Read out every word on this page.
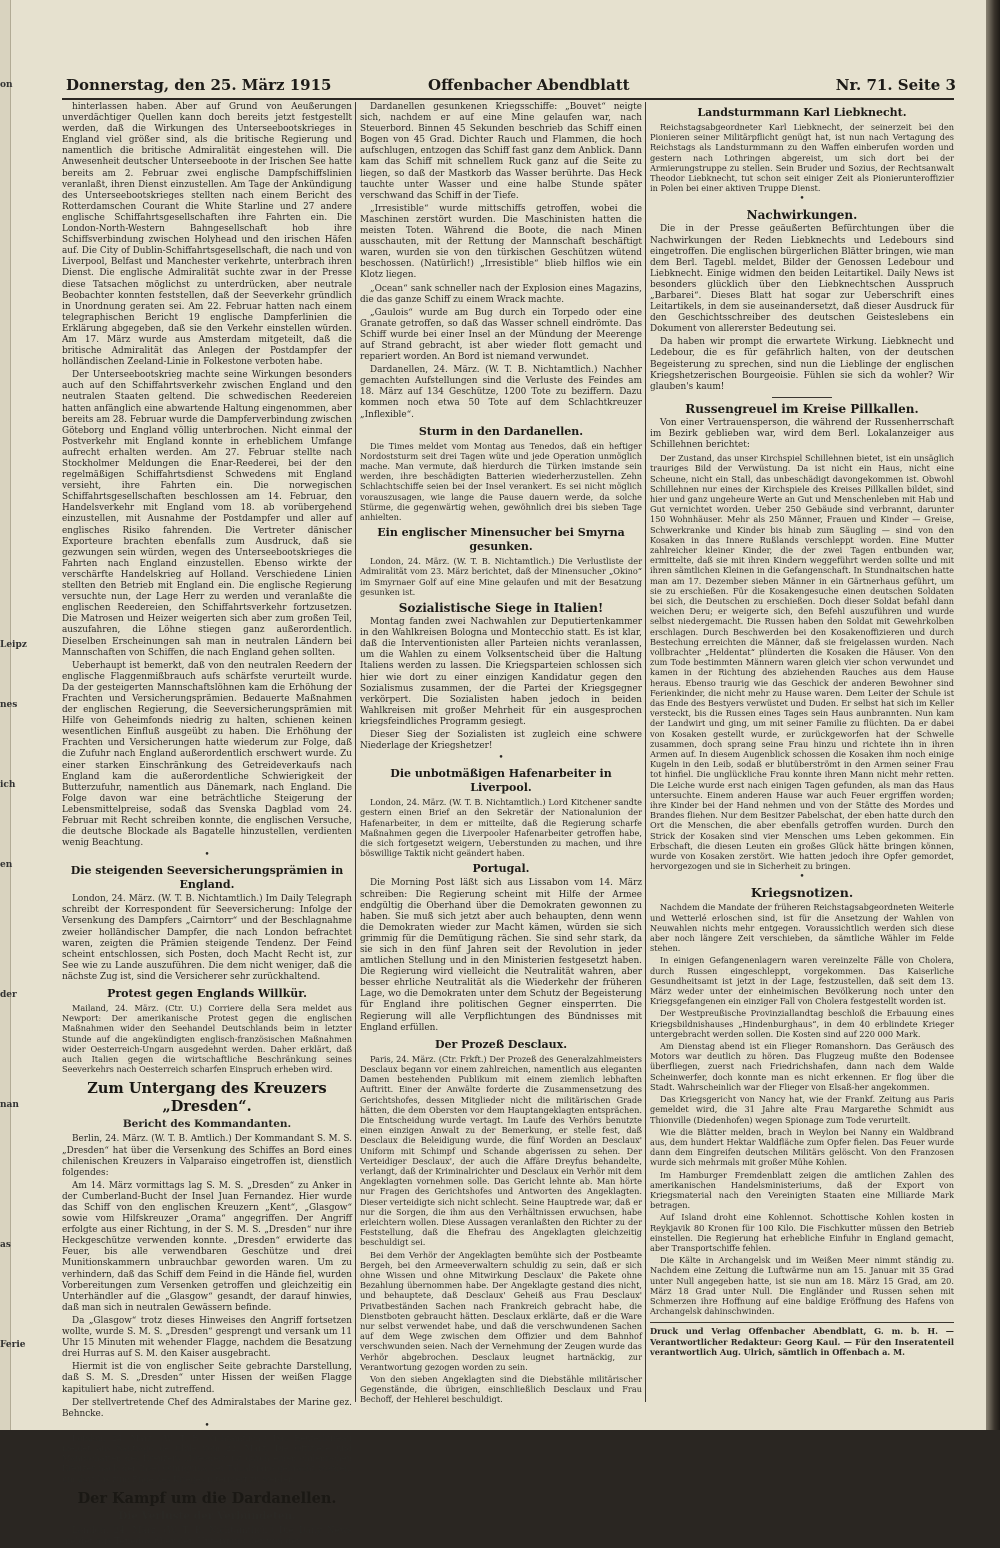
on
Leipz
nes
ich
en
der
nan
as
Ferie
Donnerstag, den 25. März 1915	Offenbacher Abendblatt	Nr. 71. Seite 3

hinterlassen haben. Aber auf Grund von Aeußerungen unverdächtiger Quellen kann doch bereits jetzt festgestellt werden, daß die Wirkungen des Unterseebootskrieges in England viel größer sind, als die britische Regierung und namentlich die britische Admiralität eingestehen will. Die Anwesenheit deutscher Unterseeboote in der Irischen See hatte bereits am 2. Februar zwei englische Dampfschiffslinien veranlaßt, ihren Dienst einzustellen. Am Tage der Ankündigung des Unterseebootskrieges stellten nach einem Bericht des Rotterdamschen Courant die White Starline und 27 andere englische Schiffahrtsgesellschaften ihre Fahrten ein. Die London-North-Western Bahngesellschaft hob ihre Schiffsverbindung zwischen Holyhead und den irischen Häfen auf. Die City of Dublin-Schiffahrtsgesellschaft, die nach und von Liverpool, Belfast und Manchester verkehrte, unterbrach ihren Dienst. Die englische Admiralität suchte zwar in der Presse diese Tatsachen möglichst zu unterdrücken, aber neutrale Beobachter konnten feststellen, daß der Seeverkehr gründlich in Unordnung geraten sei. Am 22. Februar hatten nach einem telegraphischen Bericht 19 englische Dampferlinien die Erklärung abgegeben, daß sie den Verkehr einstellen würden. Am 17. März wurde aus Amsterdam mitgeteilt, daß die britische Admiralität das Anlegen der Postdampfer der holländischen Zeeland-Linie in Folkestone verboten habe.

Der Unterseebootskrieg machte seine Wirkungen besonders auch auf den Schiffahrtsverkehr zwischen England und den neutralen Staaten geltend. Die schwedischen Reedereien hatten anfänglich eine abwartende Haltung eingenommen, aber bereits am 28. Februar wurde die Dampferverbindung zwischen Göteborg und England völlig unterbrochen. Nicht einmal der Postverkehr mit England konnte in erheblichem Umfange aufrecht erhalten werden. Am 27. Februar stellte nach Stockholmer Meldungen die Enar-Reederei, bei der den regelmäßigen Schiffahrtsdienst Schwedens mit England versieht, ihre Fahrten ein. Die norwegischen Schiffahrtsgesellschaften beschlossen am 14. Februar, den Handelsverkehr mit England vom 18. ab vorübergehend einzustellen, mit Ausnahme der Postdampfer und aller auf englisches Risiko fahrenden. Die Vertreter dänischer Exporteure brachten ebenfalls zum Ausdruck, daß sie gezwungen sein würden, wegen des Unterseebootskrieges die Fahrten nach England einzustellen. Ebenso wirkte der verschärfte Handelskrieg auf Holland. Verschiedene Linien stellten den Betrieb mit England ein. Die englische Regierung versuchte nun, der Lage Herr zu werden und veranlaßte die englischen Reedereien, den Schiffahrtsverkehr fortzusetzen. Die Matrosen und Heizer weigerten sich aber zum großen Teil, auszufahren, die Löhne stiegen ganz außerordentlich. Dieselben Erscheinungen sah man in neutralen Ländern bei Mannschaften von Schiffen, die nach England gehen sollten.

Ueberhaupt ist bemerkt, daß von den neutralen Reedern der englische Flaggenmißbrauch aufs schärfste verurteilt wurde. Da der gesteigerten Mannschaftslöhnen kam die Erhöhung der Frachten und Versicherungsprämien. Bedauerte Maßnahmen der englischen Regierung, die Seeversicherungsprämien mit Hilfe von Geheimfonds niedrig zu halten, schienen keinen wesentlichen Einfluß ausgeübt zu haben. Die Erhöhung der Frachten und Versicherungen hatte wiederum zur Folge, daß die Zufuhr nach England außerordentlich erschwert wurde. Zu einer starken Einschränkung des Getreideverkaufs nach England kam die außerordentliche Schwierigkeit der Butterzufuhr, namentlich aus Dänemark, nach England. Die Folge davon war eine beträchtliche Steigerung der Lebensmittelpreise, sodaß das Svenska Dagblad vom 24. Februar mit Recht schreiben konnte, die englischen Versuche, die deutsche Blockade als Bagatelle hinzustellen, verdienten wenig Beachtung.

•
Die steigenden Seeversicherungsprämien in England.

London, 24. März. (W. T. B. Nichtamtlich.) Im Daily Telegraph schreibt der Korrespondent für Seeversicherung: Infolge der Versenkung des Dampfers „Cairntorr“ und der Beschlagnahme zweier holländischer Dampfer, die nach London befrachtet waren, zeigten die Prämien steigende Tendenz. Der Feind scheint entschlossen, sich Posten, doch Macht Recht ist, zur See wie zu Lande auszuführen. Die dem nicht weniger, daß die nächste Zug ist, sind die Versicherer sehr zurückhaltend.

Protest gegen Englands Willkür.

Mailand, 24. März. (Ctr. U.) Corriere della Sera meldet aus Newport: Der amerikanische Protest gegen die englischen Maßnahmen wider den Seehandel Deutschlands beim in letzter Stunde auf die angekündigten englisch-französischen Maßnahmen wider Oesterreich-Ungarn ausgedehnt werden. Daher erklärt, daß auch Italien gegen die wirtschaftliche Beschränkung seines Seeverkehrs nach Oesterreich scharfen Einspruch erheben wird.

Zum Untergang des Kreuzers „Dresden“.
Bericht des Kommandanten.

Berlin, 24. März. (W. T. B. Amtlich.) Der Kommandant S. M. S. „Dresden“ hat über die Versenkung des Schiffes an Bord eines chilenischen Kreuzers in Valparaiso eingetroffen ist, dienstlich folgendes:

Am 14. März vormittags lag S. M. S. „Dresden“ zu Anker in der Cumberland-Bucht der Insel Juan Fernandez. Hier wurde das Schiff von den englischen Kreuzern „Kent“, „Glasgow“ sowie vom Hilfskreuzer „Orama“ angegriffen. Der Angriff erfolgte aus einer Richtung, in der S. M. S. „Dresden“ nur ihre Heckgeschütze verwenden konnte. „Dresden“ erwiderte das Feuer, bis alle verwendbaren Geschütze und drei Munitionskammern unbrauchbar geworden waren. Um zu verhindern, daß das Schiff dem Feind in die Hände fiel, wurden Vorbereitungen zum Versenken getroffen und gleichzeitig ein Unterhändler auf die „Glasgow“ gesandt, der darauf hinwies, daß man sich in neutralen Gewässern befinde.

Da „Glasgow“ trotz dieses Hinweises den Angriff fortsetzen wollte, wurde S. M. S. „Dresden“ gesprengt und versank um 11 Uhr 15 Minuten mit wehender Flagge, nachdem die Besatzung drei Hurras auf S. M. den Kaiser ausgebracht.

Hiermit ist die von englischer Seite gebrachte Darstellung, daß S. M. S. „Dresden“ unter Hissen der weißen Flagge kapituliert habe, nicht zutreffend.

Der stellvertretende Chef des Admiralstabes der Marine gez. Behncke.

•

London, 24. März. (W. T. B. Nichtamtlich.) Das Reuterbureau meldet aus Santiago de Chile vom 22. März: Die Offiziere und Mannschaften des Kreuzers „Dresden“ ist durch einen chilenischen Kreuzer nach der Insel Quiriquina bei Talcahuano gebracht worden, um dort bis zum Ende des Krieges interniert zu werden.

Der Kampf um die Dardanellen.
Die Verluste der Verbündeten.

London, 24. März. (W. T. B. Nichtamtlich.) Die Daily News meldet aus Tenedos über den Untergang der von der

Dardanellen gesunkenen Kriegsschiffe: „Bouvet“ neigte sich, nachdem er auf eine Mine gelaufen war, nach Steuerbord. Binnen 45 Sekunden beschrieb das Schiff einen Bogen von 45 Grad. Dichter Rauch und Flammen, die hoch aufschlugen, entzogen das Schiff fast ganz dem Anblick. Dann kam das Schiff mit schnellem Ruck ganz auf die Seite zu liegen, so daß der Mastkorb das Wasser berührte. Das Heck tauchte unter Wasser und eine halbe Stunde später verschwand das Schiff in der Tiefe.

„Irresistible“ wurde mittschiffs getroffen, wobei die Maschinen zerstört wurden. Die Maschinisten hatten die meisten Toten. Während die Boote, die nach Minen ausschauten, mit der Rettung der Mannschaft beschäftigt waren, wurden sie von den türkischen Geschützen wütend beschossen. (Natürlich!) „Irresistible“ blieb hilflos wie ein Klotz liegen.

„Ocean“ sank schneller nach der Explosion eines Magazins, die das ganze Schiff zu einem Wrack machte.

„Gaulois“ wurde am Bug durch ein Torpedo oder eine Granate getroffen, so daß das Wasser schnell eindrömte. Das Schiff wurde bei einer Insel an der Mündung der Meerenge auf Strand gebracht, ist aber wieder flott gemacht und repariert worden. An Bord ist niemand verwundet.

Dardanellen, 24. März. (W. T. B. Nichtamtlich.) Nachher gemachten Aufstellungen sind die Verluste des Feindes am 18. März auf 134 Geschütze, 1200 Tote zu beziffern. Dazu kommen noch etwa 50 Tote auf dem Schlachtkreuzer „Inflexible“.

Sturm in den Dardanellen.

Die Times meldet vom Montag aus Tenedos, daß ein heftiger Nordoststurm seit drei Tagen wüte und jede Operation unmöglich mache. Man vermute, daß hierdurch die Türken imstande sein werden, ihre beschädigten Batterien wiederherzustellen. Zehn Schlachtschiffe seien bei der Insel verankert. Es sei nicht möglich vorauszusagen, wie lange die Pause dauern werde, da solche Stürme, die gegenwärtig wehen, gewöhnlich drei bis sieben Tage anhielten.

Ein englischer Minensucher bei Smyrna gesunken.

London, 24. März. (W. T. B. Nichtamtlich.) Die Verlustliste der Admiralität vom 23. März berichtet, daß der Minensucher „Okino“ im Smyrnaer Golf auf eine Mine gelaufen und mit der Besatzung gesunken ist.

Sozialistische Siege in Italien!

Montag fanden zwei Nachwahlen zur Deputiertenkammer in den Wahlkreisen Bologna und Montecchio statt. Es ist klar, daß die Interventionisten aller Parteien nichts veranlassen, um die Wahlen zu einem Volksentscheid über die Haltung Italiens werden zu lassen. Die Kriegsparteien schlossen sich hier wie dort zu einer einzigen Kandidatur gegen den Sozialismus zusammen, der die Partei der Kriegsgegner verkörpert. Die Sozialisten haben jedoch in beiden Wahlkreisen mit großer Mehrheit für ein ausgesprochen kriegsfeindliches Programm gesiegt.

Dieser Sieg der Sozialisten ist zugleich eine schwere Niederlage der Kriegshetzer!

•
Die unbotmäßigen Hafenarbeiter in Liverpool.

London, 24. März. (W. T. B. Nichtamtlich.) Lord Kitchener sandte gestern einen Brief an den Sekretär der Nationalunion der Hafenarbeiter, in dem er mitteilte, daß die Regierung scharfe Maßnahmen gegen die Liverpooler Hafenarbeiter getroffen habe, die sich fortgesetzt weigern, Ueberstunden zu machen, und ihre böswillige Taktik nicht geändert haben.

Portugal.

Die Morning Post läßt sich aus Lissabon vom 14. März schreiben: Die Regierung scheint mit Hilfe der Armee endgültig die Oberhand über die Demokraten gewonnen zu haben. Sie muß sich jetzt aber auch behaupten, denn wenn die Demokraten wieder zur Macht kämen, würden sie sich grimmig für die Demütigung rächen. Sie sind sehr stark, da sie sich in den fünf Jahren seit der Revolution in jeder amtlichen Stellung und in den Ministerien festgesetzt haben. Die Regierung wird vielleicht die Neutralität wahren, aber besser ehrliche Neutralität als die Wiederkehr der früheren Lage, wo die Demokraten unter dem Schutz der Begeisterung für England ihre politischen Gegner einsperrten. Die Regierung will alle Verpflichtungen des Bündnisses mit England erfüllen.

Der Prozeß Desclaux.

Paris, 24. März. (Ctr. Frkft.) Der Prozeß des Generalzahlmeisters Desclaux begann vor einem zahlreichen, namentlich aus eleganten Damen bestehenden Publikum mit einem ziemlich lebhaften Auftritt. Einer der Anwälte forderte die Zusammensetzung des Gerichtshofes, dessen Mitglieder nicht die militärischen Grade hätten, die dem Obersten vor dem Hauptangeklagten entsprächen. Die Entscheidung wurde vertagt. Im Laufe des Verhörs benutzte einen einzigen Anwalt zu der Bemerkung, er stelle fest, daß Desclaux die Beleidigung wurde, die fünf Worden an Desclaux' Uniform mit Schimpf und Schande abgerissen zu sehen. Der Verteidiger Desclaux', der auch die Affäre Dreyfus behandelte, verlangt, daß der Kriminalrichter und Desclaux ein Verhör mit dem Angeklagten vornehmen solle. Das Gericht lehnte ab. Man hörte nur Fragen des Gerichtshofes und Antworten des Angeklagten. Dieser verteidigte sich nicht schlecht. Seine Hauptrede war, daß er nur die Sorgen, die ihm aus den Verhältnissen erwuchsen, habe erleichtern wollen. Diese Aussagen veranlaßten den Richter zu der Feststellung, daß die Ehefrau des Angeklagten gleichzeitig beschuldigt sei.

Bei dem Verhör der Angeklagten bemühte sich der Postbeamte Bergeh, bei den Armeeverwaltern schuldig zu sein, daß er sich ohne Wissen und ohne Mitwirkung Desclaux' die Pakete ohne Bezahlung übernommen habe. Der Angeklagte gestand dies nicht, und behauptete, daß Desclaux' Geheiß aus Frau Desclaux' Privatbeständen Sachen nach Frankreich gebracht habe, die Dienstboten gebraucht hätten. Desclaux erklärte, daß er die Ware nur selbst verwendet habe, und daß die verschwundenen Sachen auf dem Wege zwischen dem Offizier und dem Bahnhof verschwunden seien. Nach der Vernehmung der Zeugen wurde das Verhör abgebrochen. Desclaux leugnet hartnäckig, zur Verantwortung gezogen worden zu sein.

Von den sieben Angeklagten sind die Diebstähle militärischer Gegenstände, die übrigen, einschließlich Desclaux und Frau Bechoff, der Hehlerei beschuldigt.

Landsturmmann Karl Liebknecht.

Reichstagsabgeordneter Karl Liebknecht, der seinerzeit bei den Pionieren seiner Militärpflicht genügt hat, ist nun nach Vertagung des Reichstags als Landsturmmann zu den Waffen einberufen worden und gestern nach Lothringen abgereist, um sich dort bei der Armierungstruppe zu stellen. Sein Bruder und Sozius, der Rechtsanwalt Theodor Liebknecht, tut schon seit einiger Zeit als Pionierunteroffizier in Polen bei einer aktiven Truppe Dienst.

•
Nachwirkungen.

Die in der Presse geäußerten Befürchtungen über die Nachwirkungen der Reden Liebknechts und Ledebours sind eingetroffen. Die englischen bürgerlichen Blätter bringen, wie man dem Berl. Tagebl. meldet, Bilder der Genossen Ledebour und Liebknecht. Einige widmen den beiden Leitartikel. Daily News ist besonders glücklich über den Liebknechtschen Ausspruch „Barbarei“. Dieses Blatt hat sogar zur Ueberschrift eines Leitartikels, in dem sie auseinandersetzt, daß dieser Ausdruck für den Geschichtsschreiber des deutschen Geisteslebens ein Dokument von allererster Bedeutung sei.

Da haben wir prompt die erwartete Wirkung. Liebknecht und Ledebour, die es für gefährlich halten, von der deutschen Begeisterung zu sprechen, sind nun die Lieblinge der englischen Kriegshetzerischen Bourgeoisie. Fühlen sie sich da wohler? Wir glauben's kaum!

Russengreuel im Kreise Pillkallen.

Von einer Vertrauensperson, die während der Russenherrschaft im Bezirk geblieben war, wird dem Berl. Lokalanzeiger aus Schillehnen berichtet:

Der Zustand, das unser Kirchspiel Schillehnen bietet, ist ein unsäglich trauriges Bild der Verwüstung. Da ist nicht ein Haus, nicht eine Scheune, nicht ein Stall, das unbeschädigt davongekommen ist. Obwohl Schillehnen nur eines der Kirchspiele des Kreises Pillkallen bildet, sind hier und ganz ungeheure Werte an Gut und Menschenleben mit Hab und Gut vernichtet worden. Ueber 250 Gebäude sind verbrannt, darunter 150 Wohnhäuser. Mehr als 250 Männer, Frauen und Kinder — Greise, Schwerkranke und Kinder bis hinab zum Säugling — sind von den Kosaken in das Innere Rußlands verschleppt worden. Eine Mutter zahlreicher kleiner Kinder, die der zwei Tagen entbunden war, ermittelte, daß sie mit ihren Kindern weggeführt werden sollte und mit ihren sämtlichen Kleinen in die Gefangenschaft. In Stundnaitschen hatte man am 17. Dezember sieben Männer in ein Gärtnerhaus geführt, um sie zu erschießen. Für die Kosakengesuche einen deutschen Soldaten bei sich, die Deutschen zu erschießen. Doch dieser Soldat befahl dann weichen Deru; er weigerte sich, den Befehl auszuführen und wurde selbst niedergemacht. Die Russen haben den Soldat mit Gewehrkolben erschlagen. Durch Beschwerden bei den Kosakenoffizieren und durch Bestechung erreichten die Männer, daß sie freigelassen wurden. Nach vollbrachter „Heldentat“ plünderten die Kosaken die Häuser. Von den zum Tode bestimmten Männern waren gleich vier schon verwundet und kamen in der Richtung des abziehenden Rauches aus dem Hause heraus. Ebenso traurig wie das Geschick der anderen Bewohner sind Ferienkinder, die nicht mehr zu Hause waren. Dem Leiter der Schule ist das Ende des Bestyers verwüstet und Duden. Er selbst hat sich im Keller versteckt, bis die Russen eines Tages sein Haus aunbrannten. Nun kam der Landwirt und ging, um mit seiner Familie zu flüchten. Da er dabei von Kosaken gestellt wurde, er zurückgeworfen hat der Schwelle zusammen, doch sprang seine Frau hinzu und richtete ihn in ihren Armen auf. In diesem Augenblick schossen die Kosaken ihm noch einige Kugeln in den Leib, sodaß er blutüberströmt in den Armen seiner Frau tot hinfiel. Die unglückliche Frau konnte ihren Mann nicht mehr retten. Die Leiche wurde erst nach einigen Tagen gefunden, als man das Haus untersuchte. Einem anderen Hause war auch Feuer ergriffen worden; ihre Kinder bei der Hand nehmen und von der Stätte des Mordes und Brandes fliehen. Nur dem Besitzer Pabelschat, der eben hatte durch den Ort die Menschen, die aber ebenfalls getroffen wurden. Durch den Strick der Kosaken sind vier Menschen ums Leben gekommen. Ein Erbschaft, die diesen Leuten ein großes Glück hätte bringen können, wurde von Kosaken zerstört. Wie hatten jedoch ihre Opfer gemordet, hervorgezogen und sie in Sicherheit zu bringen.

•
Kriegsnotizen.

Nachdem die Mandate der früheren Reichstagsabgeordneten Weiterle und Wetterlé erloschen sind, ist für die Ansetzung der Wahlen von Neuwahlen nichts mehr entgegen. Voraussichtlich werden sich diese aber noch längere Zeit verschieben, da sämtliche Wähler im Felde stehen.

In einigen Gefangenenlagern waren vereinzelte Fälle von Cholera, durch Russen eingeschleppt, vorgekommen. Das Kaiserliche Gesundheitsamt ist jetzt in der Lage, festzustellen, daß seit dem 13. März weder unter der einheimischen Bevölkerung noch unter den Kriegsgefangenen ein einziger Fall von Cholera festgestellt worden ist.

Der Westpreußische Provinziallandtag beschloß die Erbauung eines Kriegsbildnishauses „Hindenburghaus“, in dem 40 erblindete Krieger untergebracht werden sollen. Die Kosten sind auf 220 000 Mark.

Am Dienstag abend ist ein Flieger Romanshorn. Das Geräusch des Motors war deutlich zu hören. Das Flugzeug mußte den Bodensee überfliegen, zuerst nach Friedrichshafen, dann nach dem Walde Scheinwerfer, doch konnte man es nicht erkennen. Er flog über die Stadt. Wahrscheinlich war der Flieger von Elsaß-her angekommen.

Das Kriegsgericht von Nancy hat, wie der Frankf. Zeitung aus Paris gemeldet wird, die 31 Jahre alte Frau Margarethe Schmidt aus Thionville (Diedenhofen) wegen Spionage zum Tode verurteilt.

Wie die Blätter melden, brach in Weylon bei Nanny ein Waldbrand aus, dem hundert Hektar Waldfläche zum Opfer fielen. Das Feuer wurde dann dem Eingreifen deutschen Militärs gelöscht. Von den Franzosen wurde sich mehrmals mit großer Mühe Kohlen.

Im Hamburger Fremdenblatt zeigen die amtlichen Zahlen des amerikanischen Handelsministeriums, daß der Export von Kriegsmaterial nach den Vereinigten Staaten eine Milliarde Mark betragen.

Auf Island droht eine Kohlennot. Schottische Kohlen kosten in Reykjavik 80 Kronen für 100 Kilo. Die Fischkutter müssen den Betrieb einstellen. Die Regierung hat erhebliche Einfuhr in England gemacht, aber Transportschiffe fehlen.

Die Kälte in Archangelsk und im Weißen Meer nimmt ständig zu. Nachdem eine Zeitung die Luftwärme nun am 15. Januar mit 35 Grad unter Null angegeben hatte, ist sie nun am 18. März 15 Grad, am 20. März 18 Grad unter Null. Die Engländer und Russen sehen mit Schmerzen ihre Hoffnung auf eine baldige Eröffnung des Hafens von Archangelsk dahinschwinden.

Druck und Verlag Offenbacher Abendblatt, G. m. b. H. — Verantwortlicher Redakteur: Georg Kaul. — Für den Inseratenteil verantwortlich Aug. Ulrich, sämtlich in Offenbach a. M.
